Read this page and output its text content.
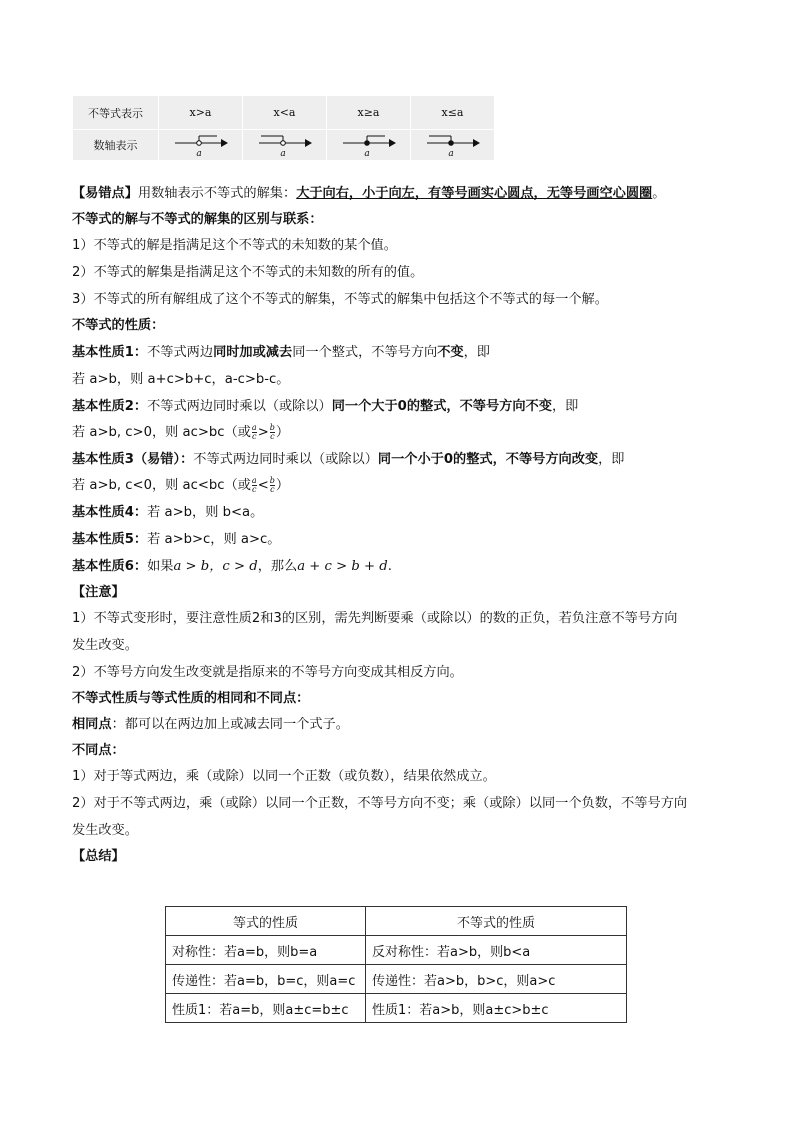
不等式表示	x>a	x<a	x≥a	x≤a
数轴表示	a	a	a	a

【易错点】用数轴表示不等式的解集：大于向右，小于向左，有等号画实心圆点，无等号画空心圆圈。

不等式的解与不等式的解集的区别与联系：

1）不等式的解是指满足这个不等式的未知数的某个值。

2）不等式的解集是指满足这个不等式的未知数的所有的值。

3）不等式的所有解组成了这个不等式的解集，不等式的解集中包括这个不等式的每一个解。

不等式的性质：

基本性质1：不等式两边同时加或减去同一个整式，不等号方向不变，即

若 a>b，则 a+c>b+c，a-c>b-c。

基本性质2：不等式两边同时乘以（或除以）同一个大于0的整式，不等号方向不变，即

若 a>b, c>0，则 ac>bc（或 $\frac{a}{c} > \frac{b}{c}$ ）

基本性质3（易错）：不等式两边同时乘以（或除以）同一个小于0的整式，不等号方向改变，即

若 a>b, c<0，则 ac<bc（或 $\frac{a}{c} < \frac{b}{c}$ ）

基本性质4：若 a>b，则 b<a。

基本性质5：若 a>b>c，则 a>c。

基本性质6：如果a > b，c > d，那么a + c > b + d.

【注意】

1）不等式变形时，要注意性质2和3的区别，需先判断要乘（或除以）的数的正负，若负注意不等号方向

发生改变。

2）不等号方向发生改变就是指原来的不等号方向变成其相反方向。

不等式性质与等式性质的相同和不同点：

相同点：都可以在两边加上或减去同一个式子。

不同点：

1）对于等式两边，乘（或除）以同一个正数（或负数），结果依然成立。

2）对于不等式两边，乘（或除）以同一个正数，不等号方向不变；乘（或除）以同一个负数，不等号方向

发生改变。

【总结】

等式的性质	不等式的性质
对称性：若a=b，则b=a	反对称性：若a>b，则b<a
传递性：若a=b，b=c，则a=c	传递性：若a>b，b>c，则a>c
性质1：若a=b，则a±c=b±c	性质1：若a>b，则a±c>b±c
